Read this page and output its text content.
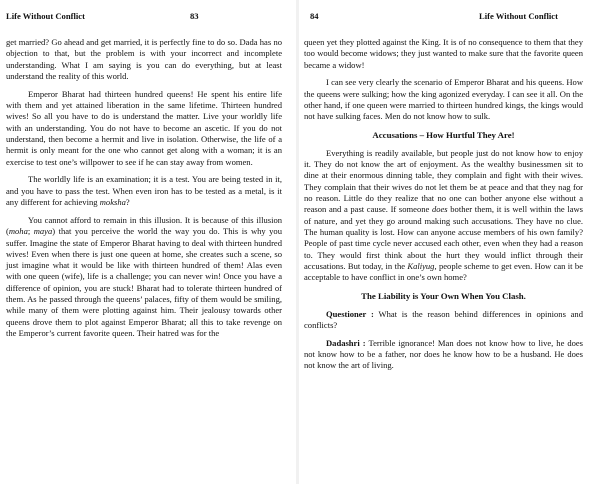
Life Without Conflict	83

get married? Go ahead and get married, it is perfectly fine to do so. Dada has no objection to that, but the problem is with your incorrect and incomplete understanding. What I am saying is you can do everything, but at least understand the reality of this world.

Emperor Bharat had thirteen hundred queens! He spent his entire life with them and yet attained liberation in the same lifetime. Thirteen hundred wives! So all you have to do is understand the matter. Live your worldly life with an understanding. You do not have to become an ascetic. If you do not understand, then become a hermit and live in isolation. Otherwise, the life of a hermit is only meant for the one who cannot get along with a woman; it is an exercise to test one’s willpower to see if he can stay away from women.

The worldly life is an examination; it is a test. You are being tested in it, and you have to pass the test. When even iron has to be tested as a metal, is it any different for achieving moksha?

You cannot afford to remain in this illusion. It is because of this illusion (moha; maya) that you perceive the world the way you do. This is why you suffer. Imagine the state of Emperor Bharat having to deal with thirteen hundred wives! Even when there is just one queen at home, she creates such a scene, so just imagine what it would be like with thirteen hundred of them! Alas even with one queen (wife), life is a challenge; you can never win! Once you have a difference of opinion, you are stuck! Bharat had to tolerate thirteen hundred of them. As he passed through the queens’ palaces, fifty of them would be smiling, while many of them were plotting against him. Their jealousy towards other queens drove them to plot against Emperor Bharat; all this to take revenge on the Emperor’s current favorite queen. Their hatred was for the

84	Life Without Conflict

queen yet they plotted against the King. It is of no consequence to them that they too would become widows; they just wanted to make sure that the favorite queen became a widow!

I can see very clearly the scenario of Emperor Bharat and his queens. How the queens were sulking; how the king agonized everyday. I can see it all. On the other hand, if one queen were married to thirteen hundred kings, the kings would not have sulking faces. Men do not know how to sulk.

Accusations – How Hurtful They Are!

Everything is readily available, but people just do not know how to enjoy it. They do not know the art of enjoyment. As the wealthy businessmen sit to dine at their enormous dinning table, they complain and fight with their wives. They complain that their wives do not let them be at peace and that they nag for no reason. Little do they realize that no one can bother anyone else without a reason and a past cause. If someone does bother them, it is well within the laws of nature, and yet they go around making such accusations. They have no clue. The human quality is lost. How can anyone accuse members of his own family? People of past time cycle never accused each other, even when they had a reason to. They would first think about the hurt they would inflict through their accusations. But today, in the Kaliyug, people scheme to get even. How can it be acceptable to have conflict in one’s own home?

The Liability is Your Own When You Clash.

Questioner : What is the reason behind differences in opinions and conflicts?

Dadashri : Terrible ignorance! Man does not know how to live, he does not know how to be a father, nor does he know how to be a husband. He does not know the art of living.
